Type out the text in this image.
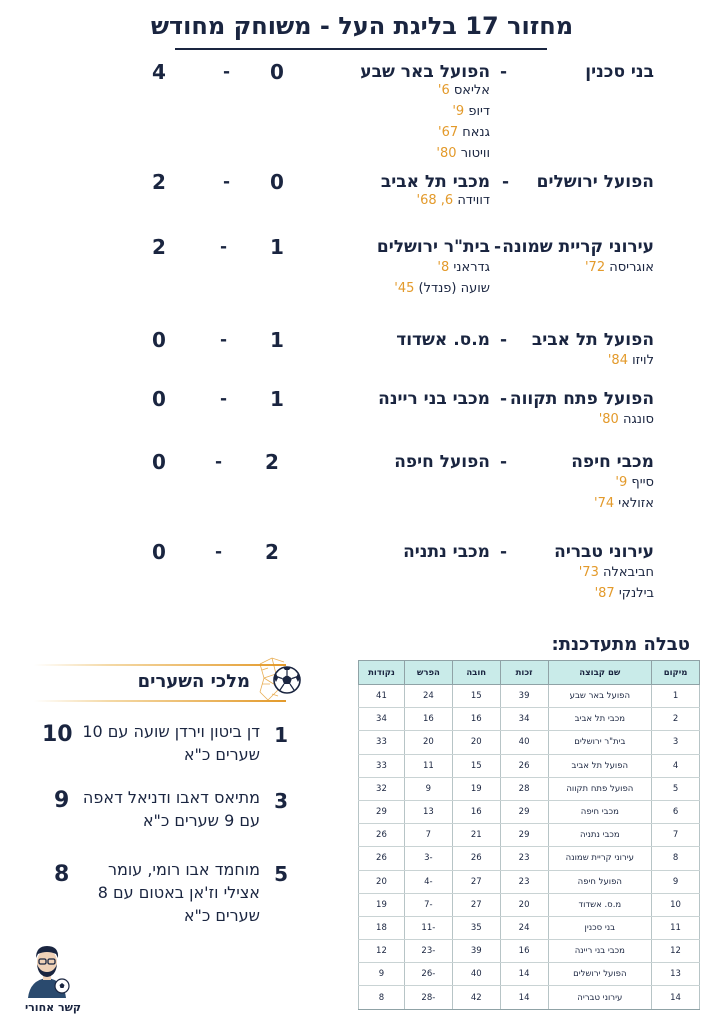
מחזור 17 בליגת העל - משוחק מחודש
בני סכנין
-
הפועל באר שבע
-
4	0
אליאס 6'
דיופ 9'
גנאח 67'
וויטור 80'
הפועל ירושלים
-
מכבי תל אביב
-
2	0
דווידה 6, 68'
עירוני קריית שמונה
-
בית"ר ירושלים
-
2	1
אוגריסה 72'
גדראני 8'
שועה (פנדל) 45'
הפועל תל אביב
-
מ.ס. אשדוד
-
0	1
לויזו 84'
הפועל פתח תקווה
-
מכבי בני ריינה
-
0	1
סונגה 80'
מכבי חיפה
-
הפועל חיפה
-
0	2
סייף 9'
אזולאי 74'
עירוני טבריה
-
מכבי נתניה
-
0	2
חביבאלה 73'
בילנקי 87'
טבלה מתעדכנת:
מיקום	שם קבוצה	זכות	חובה	הפרש	נקודות
1	הפועל באר שבע	39	15	24	41
2	מכבי תל אביב	34	16	16	34
3	בית"ר ירושלים	40	20	20	33
4	הפועל תל אביב	26	15	11	33
5	הפועל פתח תקווה	28	19	9	32
6	מכבי חיפה	29	16	13	29
7	מכבי נתניה	29	21	7	26
8	עירוני קריית שמונה	23	26	-3	26
9	הפועל חיפה	23	27	-4	20
10	מ.ס. אשדוד	20	27	-7	19
11	בני סכנין	24	35	-11	18
12	מכבי בני ריינה	16	39	-23	12
13	הפועל ירושלים	14	40	-26	9
14	עירוני טבריה	14	42	-28	8
מלכי השערים
1
דן ביטון וירדן שועה עם 10
שערים כ"א
10
3
מתיאס דאבו ודניאל דאפה
עם 9 שערים כ"א
9
5
מוחמד אבו רומי, עומר
אצילי וז'אן באטום עם 8
שערים כ"א
8
קשר אחורי
